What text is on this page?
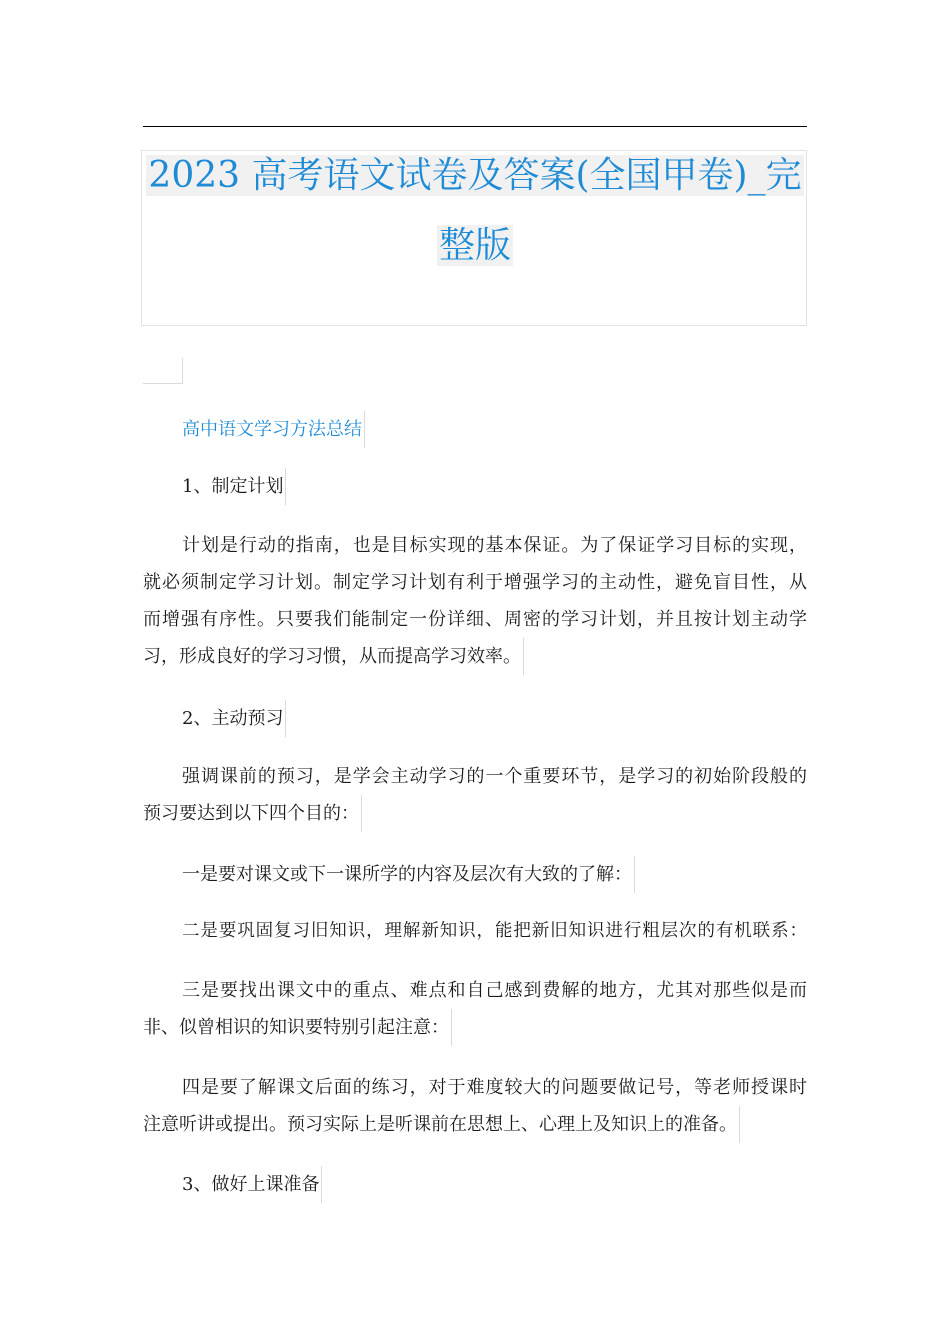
2023 高考语文试卷及答案(全国甲卷)_完
整版

高中语文学习方法总结

1、制定计划

计划是行动的指南，也是目标实现的基本保证。为了保证学习目标的实现，
就必须制定学习计划。制定学习计划有利于增强学习的主动性，避免盲目性，从
而增强有序性。只要我们能制定一份详细、周密的学习计划，并且按计划主动学
习，形成良好的学习习惯，从而提高学习效率。

2、主动预习

强调课前的预习，是学会主动学习的一个重要环节，是学习的初始阶段般的
预习要达到以下四个目的：

一是要对课文或下一课所学的内容及层次有大致的了解：

二是要巩固复习旧知识，理解新知识，能把新旧知识进行粗层次的有机联系：

三是要找出课文中的重点、难点和自己感到费解的地方，尤其对那些似是而
非、似曾相识的知识要特别引起注意：

四是要了解课文后面的练习，对于难度较大的问题要做记号，等老师授课时
注意听讲或提出。预习实际上是听课前在思想上、心理上及知识上的准备。

3、做好上课准备
